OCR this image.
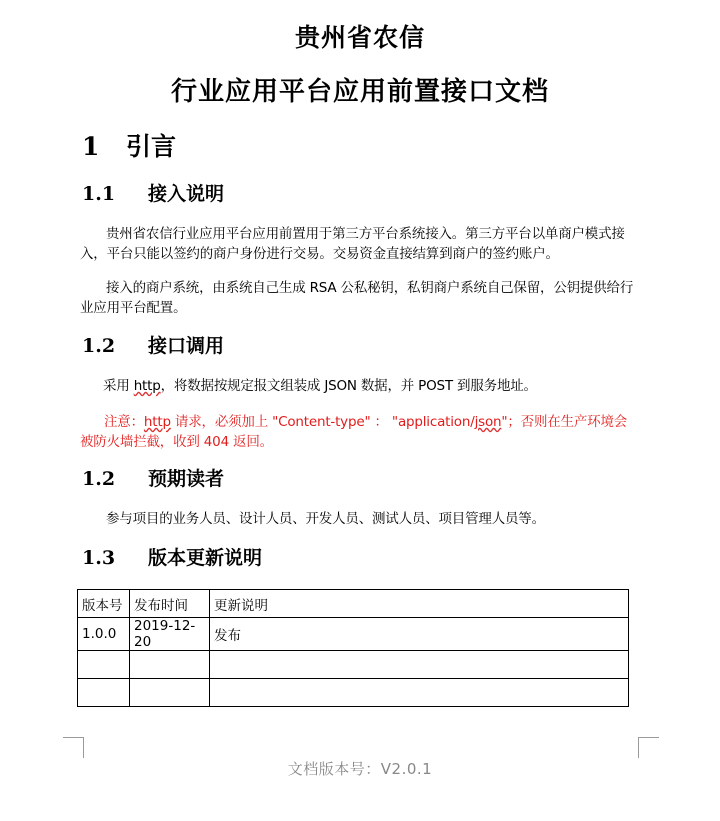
贵州省农信
行业应用平台应用前置接口文档
1 引言
1.1 接入说明
贵州省农信行业应用平台应用前置用于第三方平台系统接入。第三方平台以单商户模式接入，平台只能以签约的商户身份进行交易。交易资金直接结算到商户的签约账户。
接入的商户系统，由系统自己生成 RSA 公私秘钥，私钥商户系统自己保留，公钥提供给行业应用平台配置。
1.2 接口调用
采用 http，将数据按规定报文组装成 JSON 数据，并 POST 到服务地址。
注意：http 请求，必须加上 "Content-type" ： "application/json"；否则在生产环境会被防火墙拦截，收到 404 返回。
1.2 预期读者
参与项目的业务人员、设计人员、开发人员、测试人员、项目管理人员等。
1.3 版本更新说明
版本号	发布时间	更新说明
1.0.0	2019-12-20	发布

文档版本号：V2.0.1
